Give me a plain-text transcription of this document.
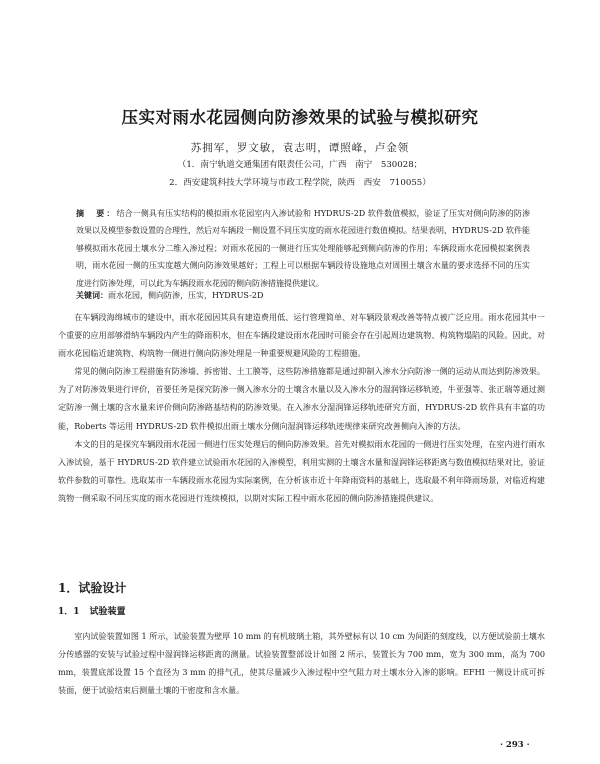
压实对雨水花园侧向防渗效果的试验与模拟研究
苏拥军，罗文敏，袁志明，谭照峰，卢金领
（1．南宁轨道交通集团有限责任公司，广西　南宁　530028；
2．西安建筑科技大学环境与市政工程学院，陕西　西安　710055）
摘　要：结合一侧具有压实结构的模拟雨水花园室内入渗试验和 HYDRUS-2D 软件数值模拟，验证了压实对侧向防渗的防渗效果以及模型参数设置的合理性，然后对车辆段一侧设置不同压实度的雨水花园进行数值模拟。结果表明，HYDRUS-2D 软件能够模拟雨水花园土壤水分二维入渗过程；对雨水花园的一侧进行压实处理能够起到侧向防渗的作用；车辆段雨水花园模拟案例表明，雨水花园一侧的压实度越大侧向防渗效果越好；工程上可以根据车辆段待设施地点对周围土壤含水量的要求选择不同的压实度进行防渗处理，可以此为车辆段雨水花园的侧向防渗措施提供建议。
关键词：雨水花园，侧向防渗，压实，HYDRUS-2D

在车辆段海绵城市的建设中，雨水花园因其具有建造费用低、运行管理简单、对车辆段景观改善等特点被广泛应用。雨水花园其中一个重要的应用部够滑纳车辆段内产生的降雨积水，但在车辆段建设雨水花园时可能会存在引起周边建筑物、构筑物塌陷的风险。因此，对雨水花园临近建筑物、构筑物一侧进行侧向防渗处理是一种重要规避风险的工程措施。

常见的侧向防渗工程措施有防渗墙、拆密钳、土工膜等，这些防渗措施都是通过抑制入渗水分向防渗一侧的运动从而达到防渗效果。为了对防渗效果进行评价，首要任务是探究防渗一侧入渗水分的土壤含水量以及入渗水分的湿润锋运移轨迹，牛亚强等、张正瑞等通过测定防渗一侧土壤的含水量来评价侧向防渗路基结构的防渗效果。在入渗水分湿润锋运移轨迹研究方面，HYDRUS-2D 软件具有丰富的功能，Roberts 等运用 HYDRUS-2D 软件模拟出雨土壤水分侧向湿润锋运移轨迹规律来研究改善侧向入渗的方法。

本文的目的是探究车辆段雨水花园一侧进行压实处理后的侧向防渗效果。首先对模拟雨水花园的一侧进行压实处理，在室内进行雨水入渗试验，基于 HYDRUS-2D 软件建立试验雨水花园的入渗模型，利用实测的土壤含水量和湿润锋运移距离与数值模拟结果对比，验证软件参数的可靠性。选取某市一车辆段雨水花园为实际案例，在分析该市近十年降雨资料的基础上，选取最不利年降雨场景，对临近构建筑物一侧采取不同压实度的雨水花园进行连续模拟，以期对实际工程中雨水花园的侧向防渗措施提供建议。

1．试验设计
1．1 试验装置

室内试验装置如图 1 所示，试验装置为壁厚 10 mm 的有机玻璃土箱，其外壁标有以 10 cm 为间距的刻度线，以方便试验前土壤水分传感器的安装与试验过程中湿润锋运移距离的测量。试验装置整部设计如图 2 所示，装置长为 700 mm，宽为 300 mm，高为 700 mm，装置底部设置 15 个直径为 3 mm 的排气孔，使其尽量减少入渗过程中空气阻力对土壤水分入渗的影响。EFHI 一侧设计成可拆装面，便于试验结束后测量土壤的干密度和含水量。

· 293 ·
